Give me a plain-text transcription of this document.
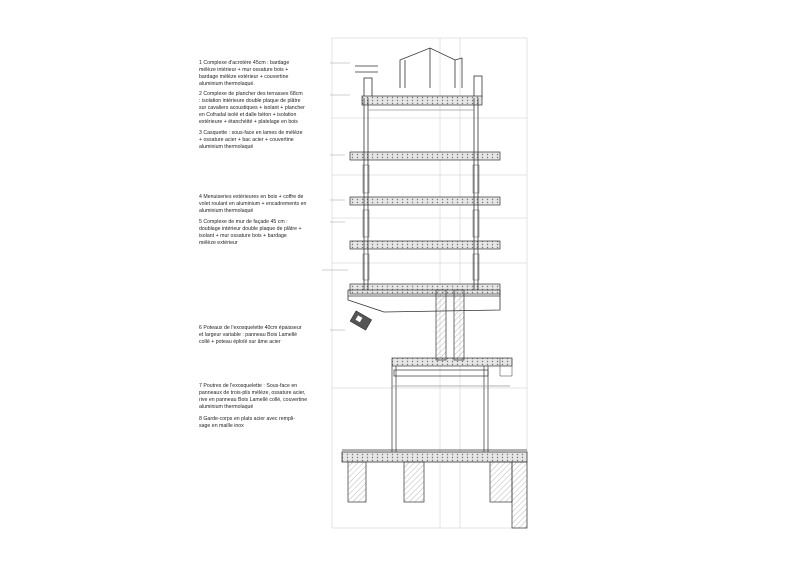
1 Complexe d'acrotère 45cm : bardage
mélèze intérieur + mur ossature bois +
bardage mélèze extérieur + couvertine
aluminium thermolaqué.
2 Complexe de plancher des terrasses 68cm
: isolation intérieure double plaque de plâtre
sur cavaliers acoustiques + isolant + plancher
en Cofradal isolé et dalle béton + isolation
extérieure + étanchéité + platelage en bois
3 Casquette : sous-face en lames de mélèze
+ ossature acier + bac acier + couvertine
aluminium thermolaqué
4 Menuiseries extérieures en bois + coffre de
volet roulant en aluminium + encadrements en
aluminium thermolaqué
5 Complexe de mur de façade 45 cm :
doublage intérieur double plaque de plâtre +
isolant + mur ossature bois + bardage
mélèze extérieur
6 Poteaux de l'exosquelette 40cm épaisseur
et largeur variable : panneau Bois Lamellé
collé + poteau éploïé sur âme acier
7 Poutres de l'exosquelette : Sous-face en
panneaux de trois-plis mélèze, ossature acier,
rive en panneau Bois Lamellé collé, couvertine
aluminium thermolaqué
8 Garde-corps en plats acier avec rempli-
sage en maille inox
